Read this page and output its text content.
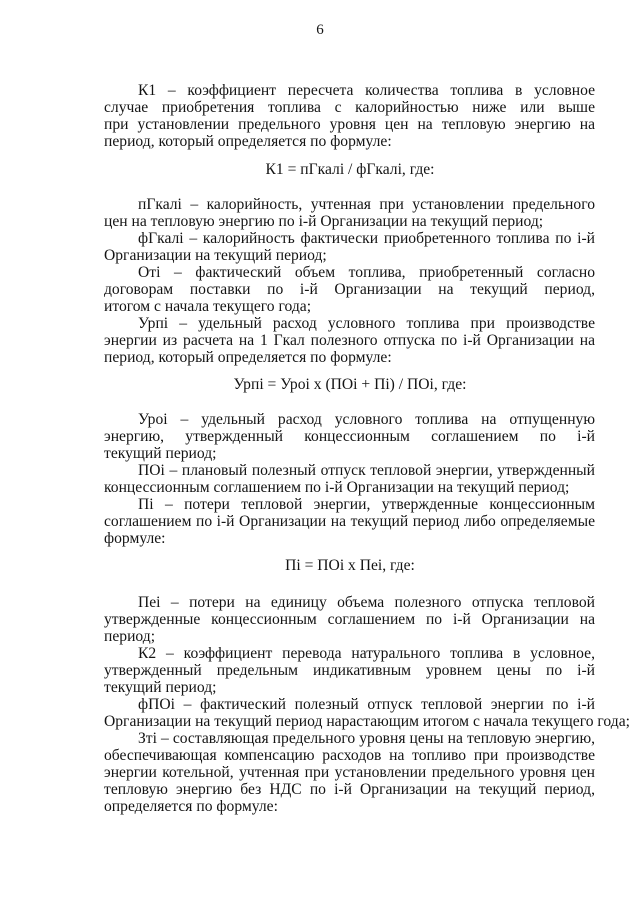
6
К1 – коэффициент пересчета количества топлива в условное
случае приобретения топлива с калорийностью ниже или выше
при установлении предельного уровня цен на тепловую энергию на
период, который определяется по формуле:
К1 = пГкалi / фГкалi, где:
пГкалi – калорийность, учтенная при установлении предельного
цен на тепловую энергию по i-й Организации на текущий период;
фГкалi – калорийность фактически приобретенного топлива по i-й
Организации на текущий период;
Отi – фактический объем топлива, приобретенный согласно
договорам поставки по i-й Организации на текущий период,
итогом с начала текущего года;
Урпi – удельный расход условного топлива при производстве
энергии из расчета на 1 Гкал полезного отпуска по i-й Организации на
период, который определяется по формуле:
Урпi = Уроi х (ПОi + Пi) / ПОi, где:
Уроi – удельный расход условного топлива на отпущенную
энергию, утвержденный концессионным соглашением по i-й
текущий период;
ПОi – плановый полезный отпуск тепловой энергии, утвержденный
концессионным соглашением по i-й Организации на текущий период;
Пi – потери тепловой энергии, утвержденные концессионным
соглашением по i-й Организации на текущий период либо определяемые
формуле:
Пi = ПОi х Пеi, где:
Пеi – потери на единицу объема полезного отпуска тепловой
утвержденные концессионным соглашением по i-й Организации на
период;
К2 – коэффициент перевода натурального топлива в условное,
утвержденный предельным индикативным уровнем цены по i-й
текущий период;
фПОi – фактический полезный отпуск тепловой энергии по i-й
Организации на текущий период нарастающим итогом с начала текущего года;
Зтi – составляющая предельного уровня цены на тепловую энергию,
обеспечивающая компенсацию расходов на топливо при производстве
энергии котельной, учтенная при установлении предельного уровня цен
тепловую энергию без НДС по i-й Организации на текущий период,
определяется по формуле:
